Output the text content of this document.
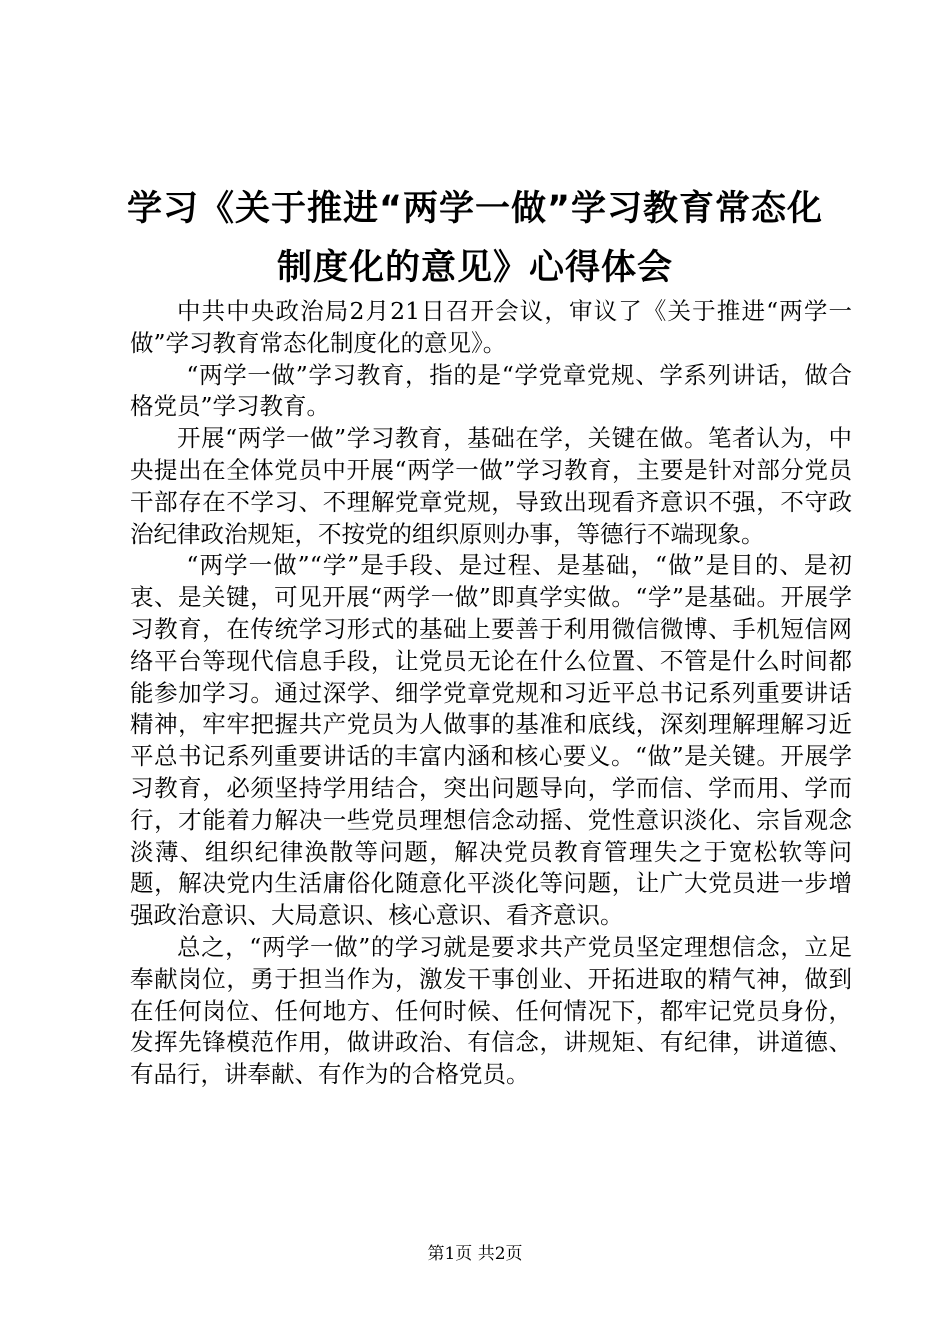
学习《关于推进“两学一做”学习教育常态化
制度化的意见》心得体会

中共中央政治局2月21日召开会议，审议了《关于推进“两学一做”学习教育常态化制度化的意见》。

“两学一做”学习教育，指的是“学党章党规、学系列讲话，做合格党员”学习教育。

开展“两学一做”学习教育，基础在学，关键在做。笔者认为，中央提出在全体党员中开展“两学一做”学习教育，主要是针对部分党员干部存在不学习、不理解党章党规，导致出现看齐意识不强，不守政治纪律政治规矩，不按党的组织原则办事，等德行不端现象。

“两学一做”“学”是手段、是过程、是基础，“做”是目的、是初衷、是关键，可见开展“两学一做”即真学实做。“学”是基础。开展学习教育，在传统学习形式的基础上要善于利用微信微博、手机短信网络平台等现代信息手段，让党员无论在什么位置、不管是什么时间都能参加学习。通过深学、细学党章党规和习近平总书记系列重要讲话精神，牢牢把握共产党员为人做事的基准和底线，深刻理解理解习近平总书记系列重要讲话的丰富内涵和核心要义。“做”是关键。开展学习教育，必须坚持学用结合，突出问题导向，学而信、学而用、学而行，才能着力解决一些党员理想信念动摇、党性意识淡化、宗旨观念淡薄、组织纪律涣散等问题，解决党员教育管理失之于宽松软等问题，解决党内生活庸俗化随意化平淡化等问题，让广大党员进一步增强政治意识、大局意识、核心意识、看齐意识。

总之，“两学一做”的学习就是要求共产党员坚定理想信念，立足奉献岗位，勇于担当作为，激发干事创业、开拓进取的精气神，做到在任何岗位、任何地方、任何时候、任何情况下，都牢记党员身份，发挥先锋模范作用，做讲政治、有信念，讲规矩、有纪律，讲道德、有品行，讲奉献、有作为的合格党员。

第1页 共2页
